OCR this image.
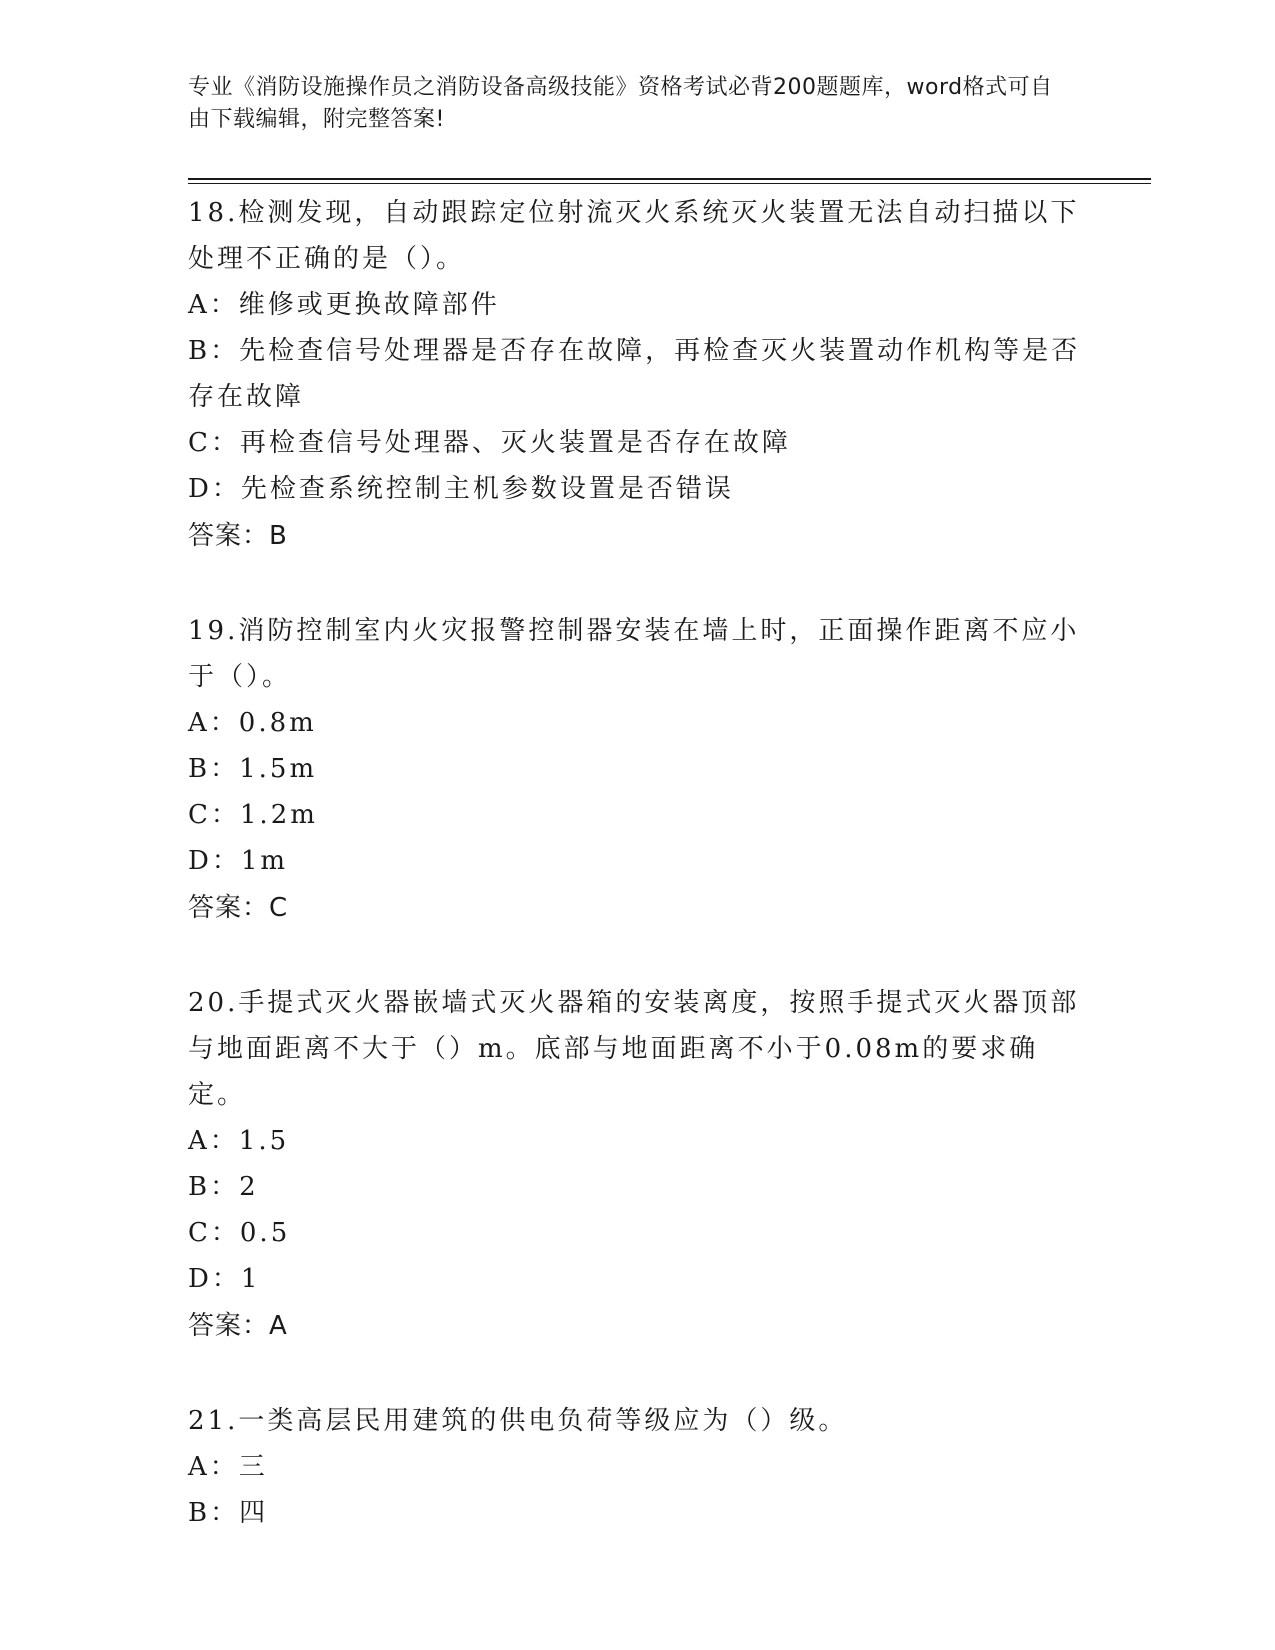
专业《消防设施操作员之消防设备高级技能》资格考试必背200题题库，word格式可自由下载编辑，附完整答案!

18.检测发现，自动跟踪定位射流灭火系统灭火装置无法自动扫描以下处理不正确的是（）。

A：维修或更换故障部件

B：先检查信号处理器是否存在故障，再检查灭火装置动作机构等是否存在故障

C：再检查信号处理器、灭火装置是否存在故障

D：先检查系统控制主机参数设置是否错误

答案：B

19.消防控制室内火灾报警控制器安装在墙上时，正面操作距离不应小于（）。

A：0.8m

B：1.5m

C：1.2m

D：1m

答案：C

20.手提式灭火器嵌墙式灭火器箱的安装离度，按照手提式灭火器顶部与地面距离不大于（）m。底部与地面距离不小于0.08m的要求确定。

A：1.5

B：2

C：0.5

D：1

答案：A

21.一类高层民用建筑的供电负荷等级应为（）级。

A：三

B：四
